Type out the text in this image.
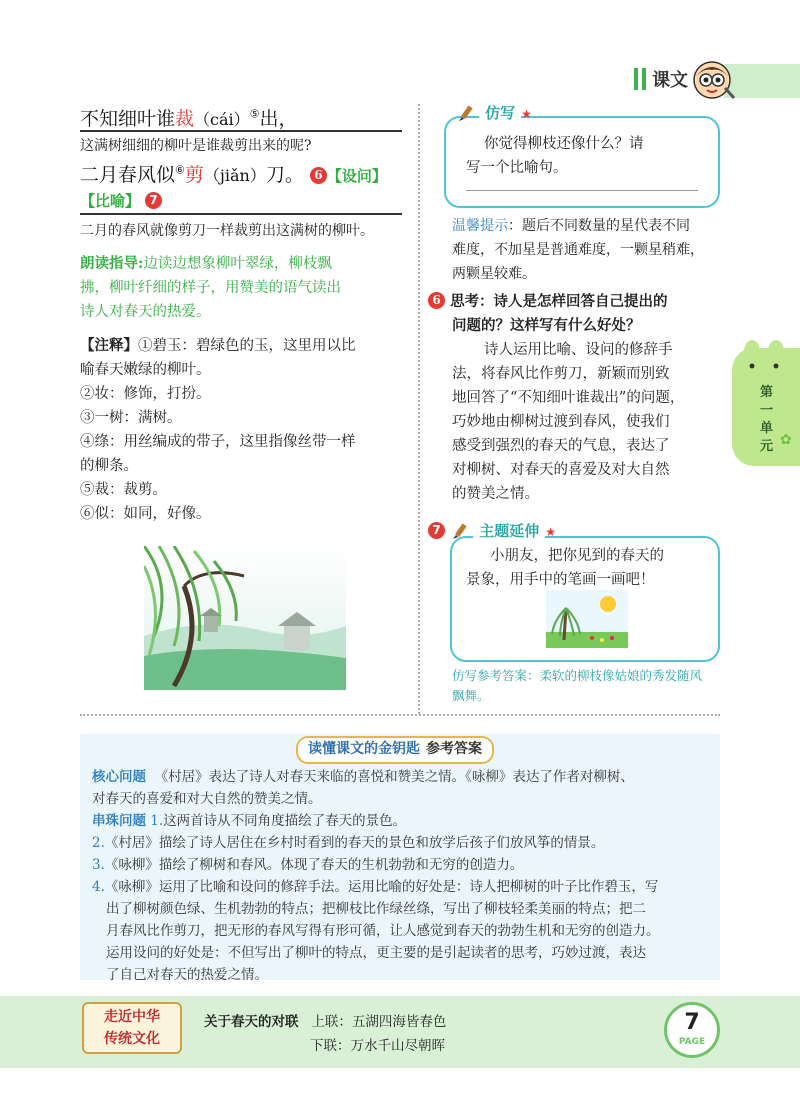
课文
不知细叶谁裁（cái）⑤出，
这满树细细的柳叶是谁裁剪出来的呢?
二月春风似⑥剪（jiǎn）刀。 6 【设问】
【比喻】 7
二月的春风就像剪刀一样裁剪出这满树的柳叶。
朗读指导:边读边想象柳叶翠绿，柳枝飘
拂，柳叶纤细的样子，用赞美的语气读出
诗人对春天的热爱。
【注释】①碧玉：碧绿色的玉，这里用以比
喻春天嫩绿的柳叶。
②妆：修饰，打扮。
③一树：满树。
④绦：用丝编成的带子，这里指像丝带一样
的柳条。
⑤裁：裁剪。
⑥似：如同，好像。
仿写 ★
你觉得柳枝还像什么？请
写一个比喻句。
温馨提示：题后不同数量的星代表不同
难度，不加星是普通难度，一颗星稍难，
两颗星较难。
6 思考：诗人是怎样回答自己提出的
问题的？这样写有什么好处？
诗人运用比喻、设问的修辞手
法，将春风比作剪刀，新颖而别致
地回答了“不知细叶谁裁出”的问题，
巧妙地由柳树过渡到春风，使我们
感受到强烈的春天的气息，表达了
对柳树、对春天的喜爱及对大自然
的赞美之情。
7	主题延伸 ★
小朋友，把你见到的春天的
景象，用手中的笔画一画吧！
仿写参考答案：柔软的柳枝像姑娘的秀发随风
飘舞。
第一单元 ✿
读懂课文的金钥匙 参考答案
核心问题 《村居》表达了诗人对春天来临的喜悦和赞美之情。《咏柳》表达了作者对柳树、
对春天的喜爱和对大自然的赞美之情。
串珠问题 1.这两首诗从不同角度描绘了春天的景色。
2.《村居》描绘了诗人居住在乡村时看到的春天的景色和放学后孩子们放风筝的情景。
3.《咏柳》描绘了柳树和春风。体现了春天的生机勃勃和无穷的创造力。
4.《咏柳》运用了比喻和设问的修辞手法。运用比喻的好处是：诗人把柳树的叶子比作碧玉，写
出了柳树颜色绿、生机勃勃的特点；把柳枝比作绿丝绦，写出了柳枝轻柔美丽的特点；把二
月春风比作剪刀，把无形的春风写得有形可循，让人感觉到春天的勃勃生机和无穷的创造力。
运用设问的好处是：不但写出了柳叶的特点，更主要的是引起读者的思考，巧妙过渡，表达
了自己对春天的热爱之情。
走近中华
传统文化
关于春天的对联 上联：五湖四海皆春色
下联：万水千山尽朝晖
7
PAGE
